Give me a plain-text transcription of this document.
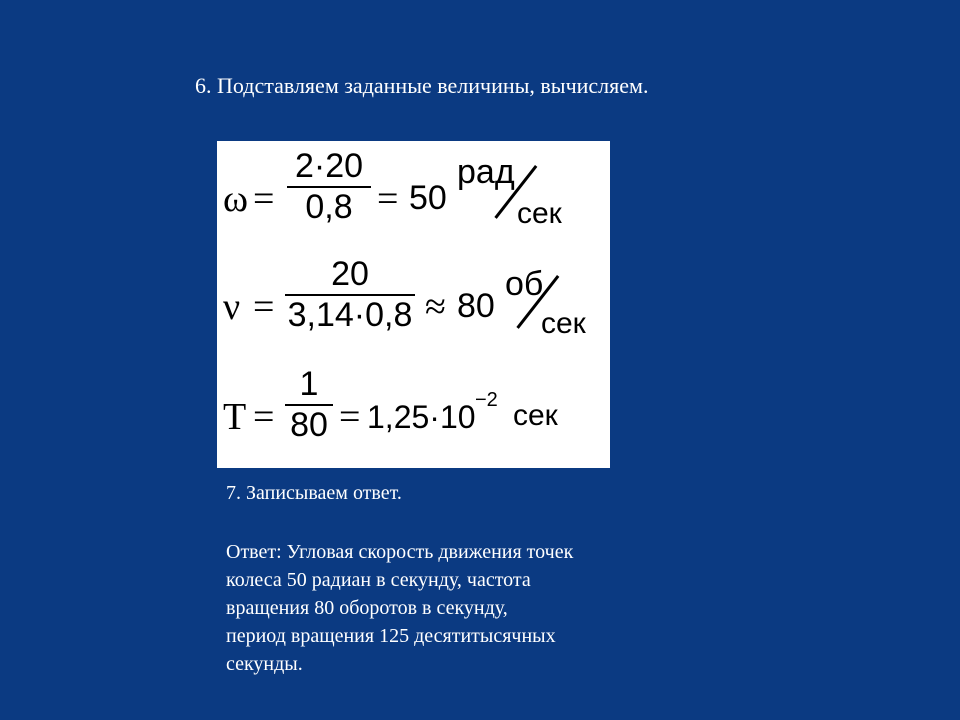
6. Подставляем заданные величины, вычисляем.
ω =
2·20
0,8 = 50
рад
сек
ν =
20
3,14·0,8 ≈ 80
об
сек
T =
1
80 = 1,25·10 −2 сек
7. Записываем ответ.
Ответ: Угловая скорость движения точек
колеса 50 радиан в секунду, частота
вращения 80 оборотов в секунду,
период вращения 125 десятитысячных
секунды.
